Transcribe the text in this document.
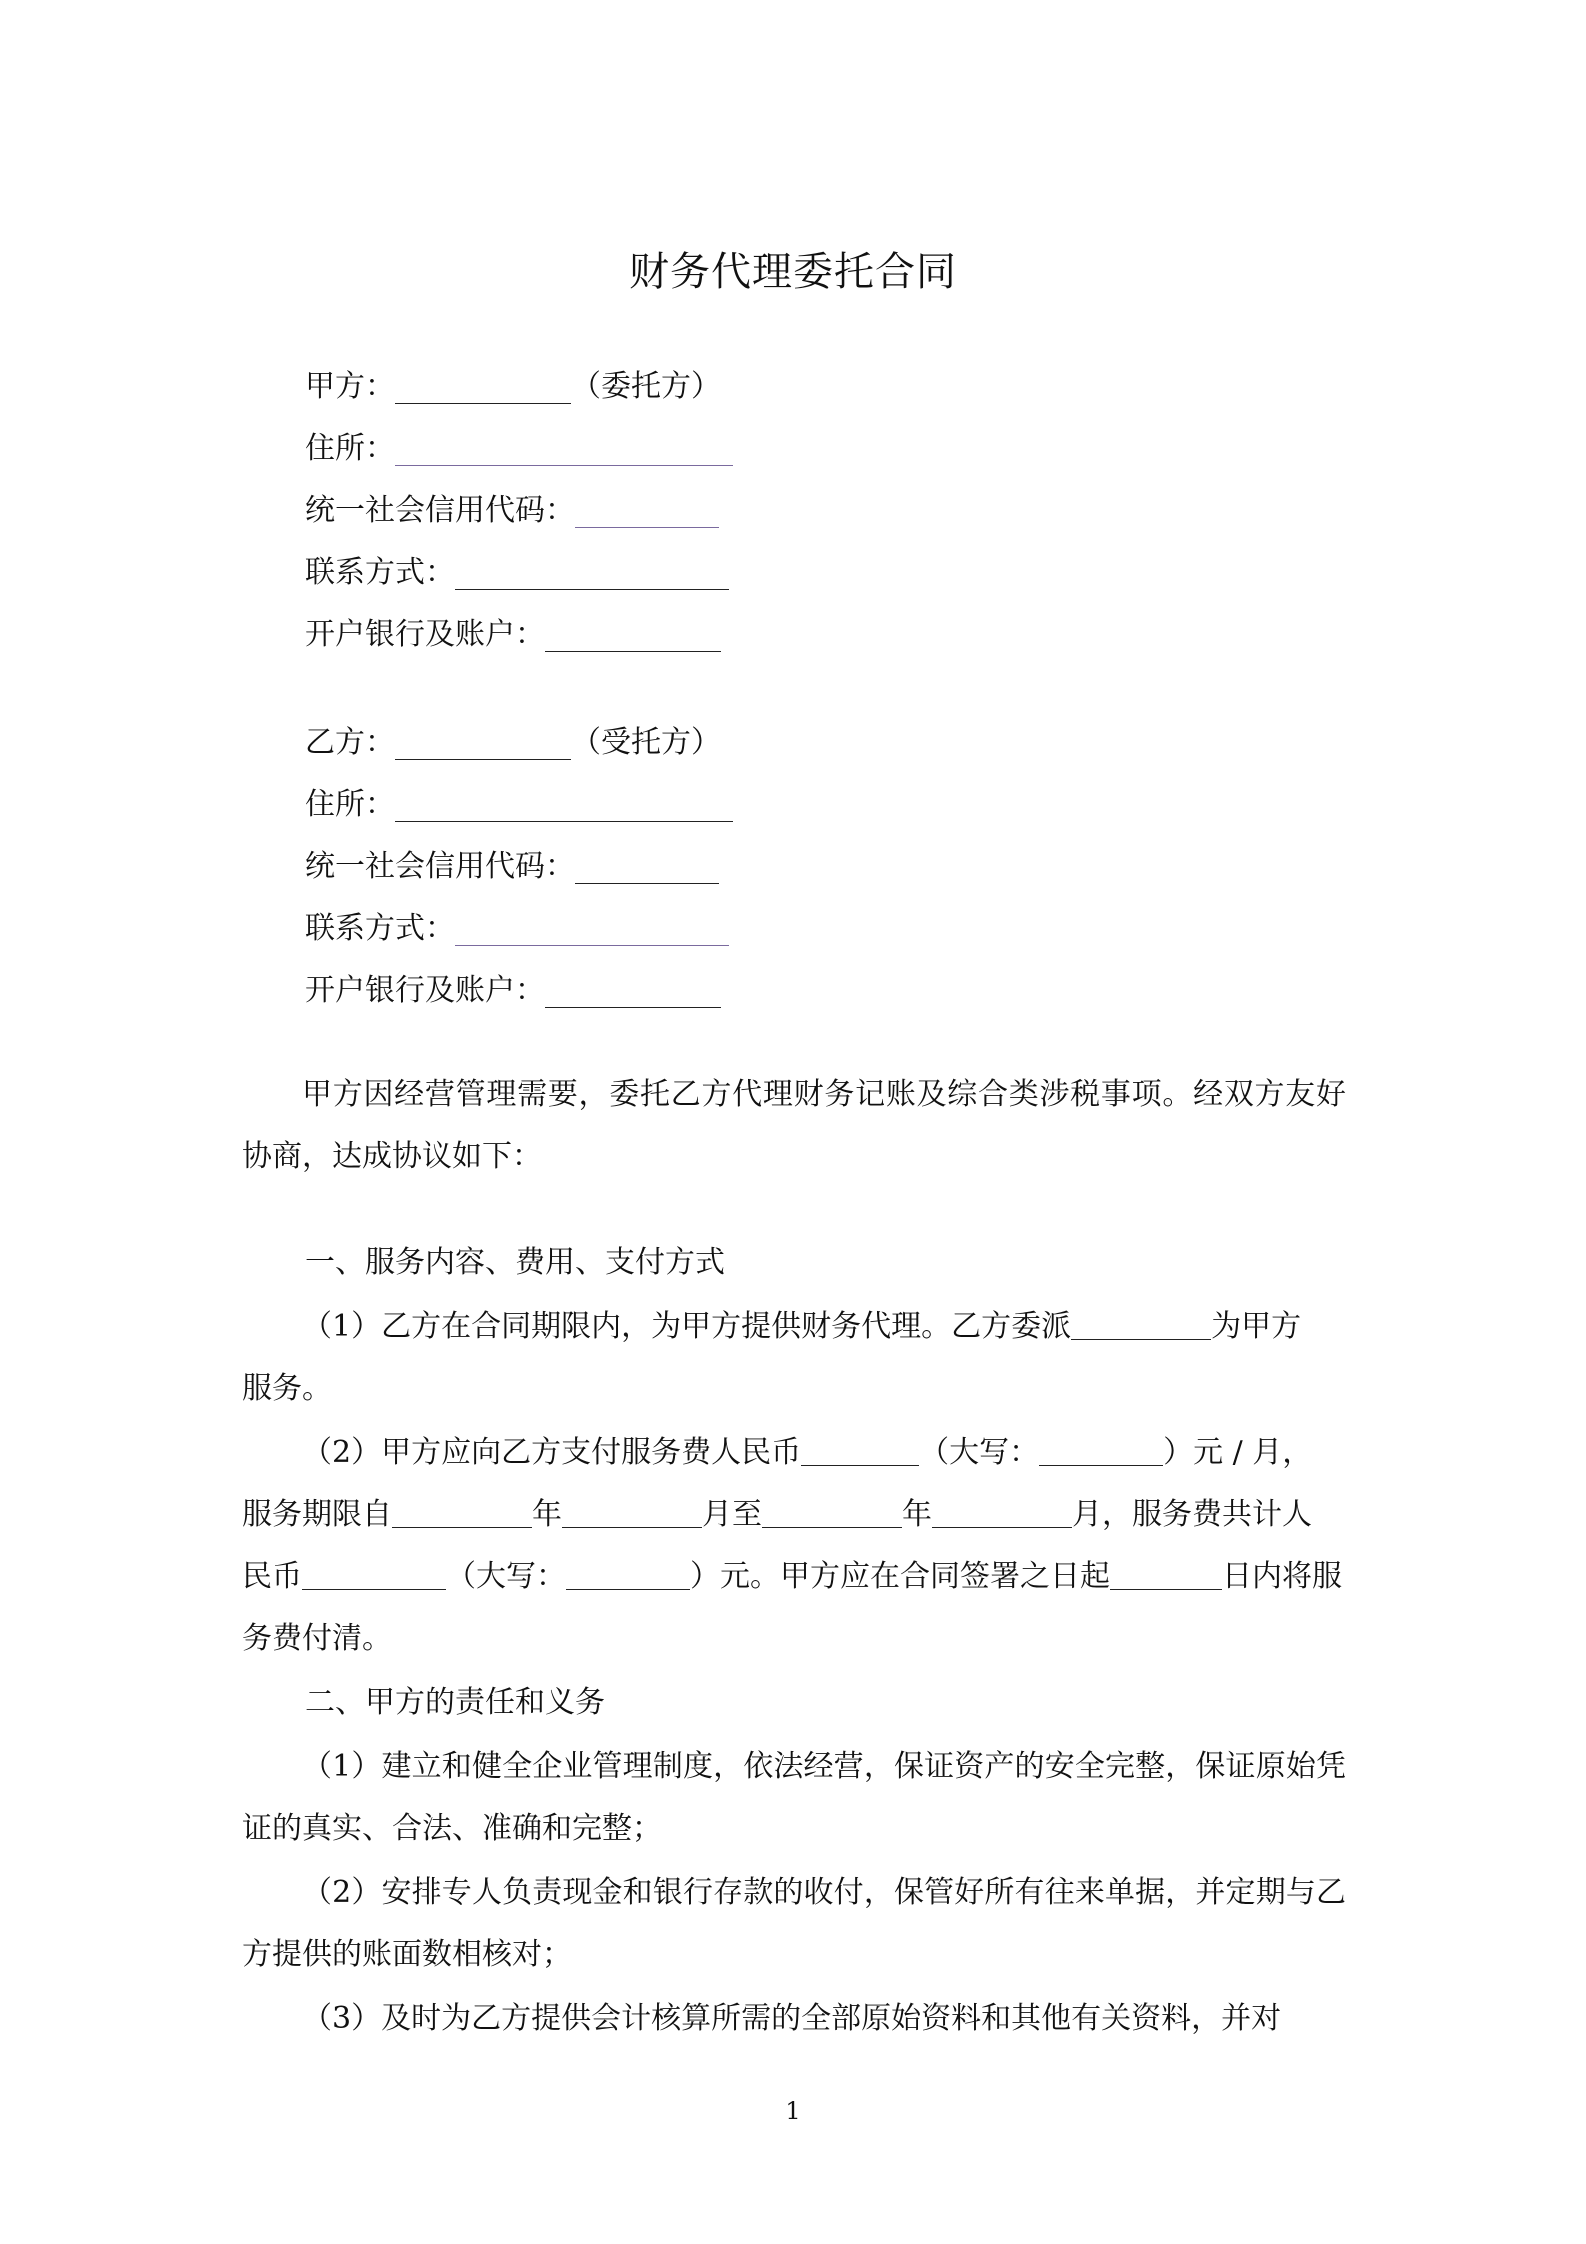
财务代理委托合同
甲方：	（委托方）
住所：
统一社会信用代码：
联系方式：
开户银行及账户：
乙方：	（受托方）
住所：
统一社会信用代码：
联系方式：
开户银行及账户：
甲方因经营管理需要，委托乙方代理财务记账及综合类涉税事项。经双方友好协商，达成协议如下：
一、服务内容、费用、支付方式
（1）乙方在合同期限内，为甲方提供财务代理。乙方委派	为甲方
服务。
（2）甲方应向乙方支付服务费人民币	（大写：	）元 / 月，
服务期限自	年	月至	年	月，服务费共计人
民币	（大写：	）元。甲方应在合同签署之日起	日内将服
务费付清。
二、甲方的责任和义务
（1）建立和健全企业管理制度，依法经营，保证资产的安全完整，保证原始凭证的真实、合法、准确和完整；
（2）安排专人负责现金和银行存款的收付，保管好所有往来单据，并定期与乙方提供的账面数相核对；
（3）及时为乙方提供会计核算所需的全部原始资料和其他有关资料，并对
1
